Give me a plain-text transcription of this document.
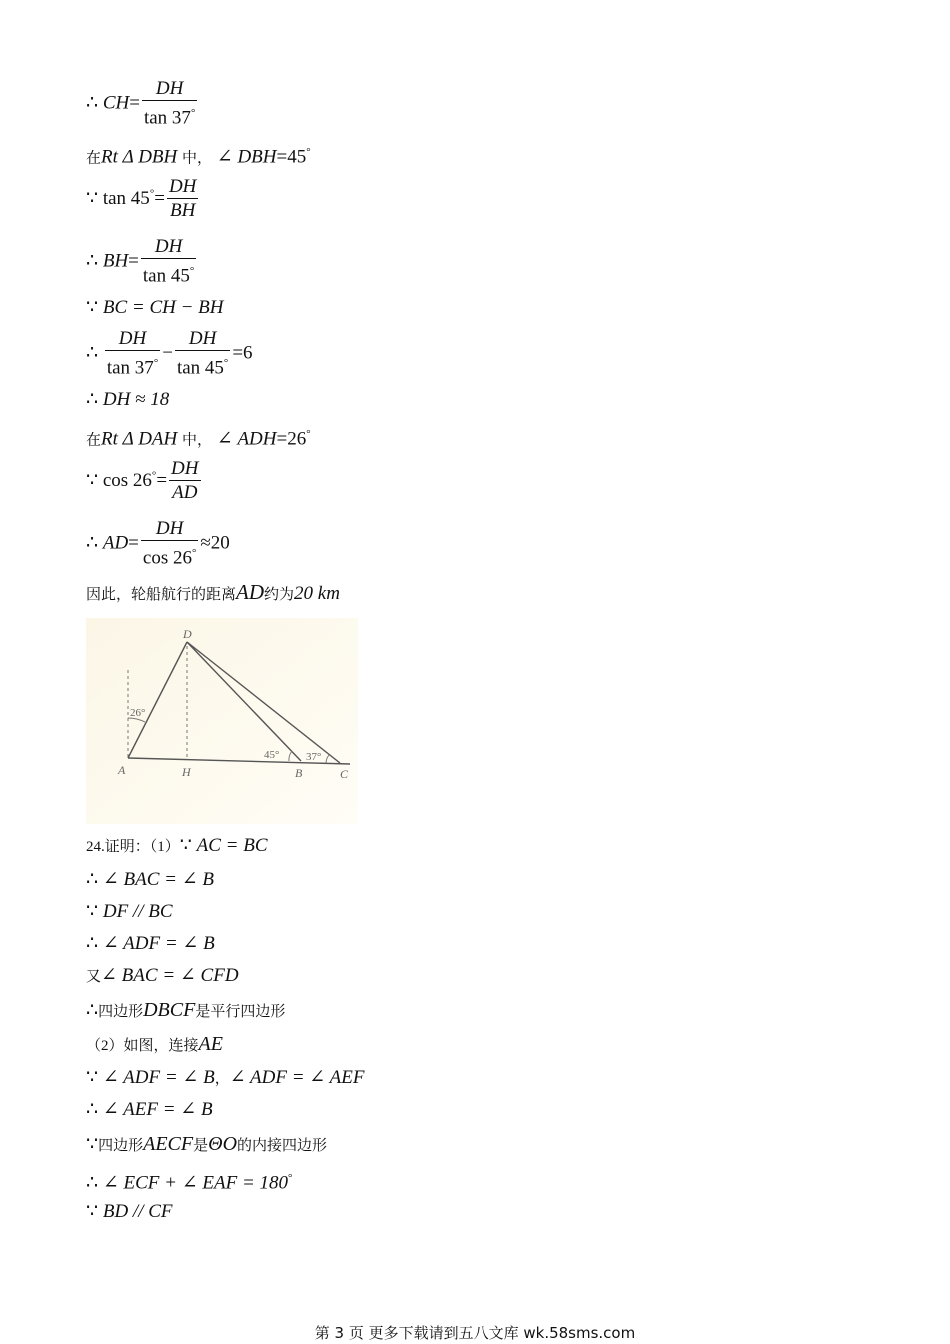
∴ $CH= \frac{DH}{\tan 37^\circ}$
在Rt Δ DBH 中， ∠ DBH=45°
∵ $\tan 45^\circ= \frac{DH}{BH}$
∴ $BH= \frac{DH}{\tan 45^\circ}$
∵ BC = CH − BH
∴ $\frac{DH}{\tan 37^\circ} - \frac{DH}{\tan 45^\circ} =6$
∴ DH ≈ 18
在Rt Δ DAH 中， ∠ ADH=26°
∵ $\cos 26^\circ= \frac{DH}{AD}$
∴ $AD= \frac{DH}{\cos 26^\circ} \approx 20$
因此，轮船航行的距离AD约为20 km
D
A	H	B	C
26°
45° 37°
24.证明：（1）∵ AC = BC
∴ ∠ BAC = ∠ B
∵ DF // BC
∴ ∠ ADF = ∠ B
又∠ BAC = ∠ CFD
∴四边形DBCF是平行四边形
（2）如图，连接AE
∵ ∠ ADF = ∠ B，∠ ADF = ∠ AEF
∴ ∠ AEF = ∠ B
∵四边形AECF是ΘO的内接四边形
∴ ∠ ECF + ∠ EAF = 180°
∵ BD // CF
第 3 页 更多下载请到五八文库 wk.58sms.com
